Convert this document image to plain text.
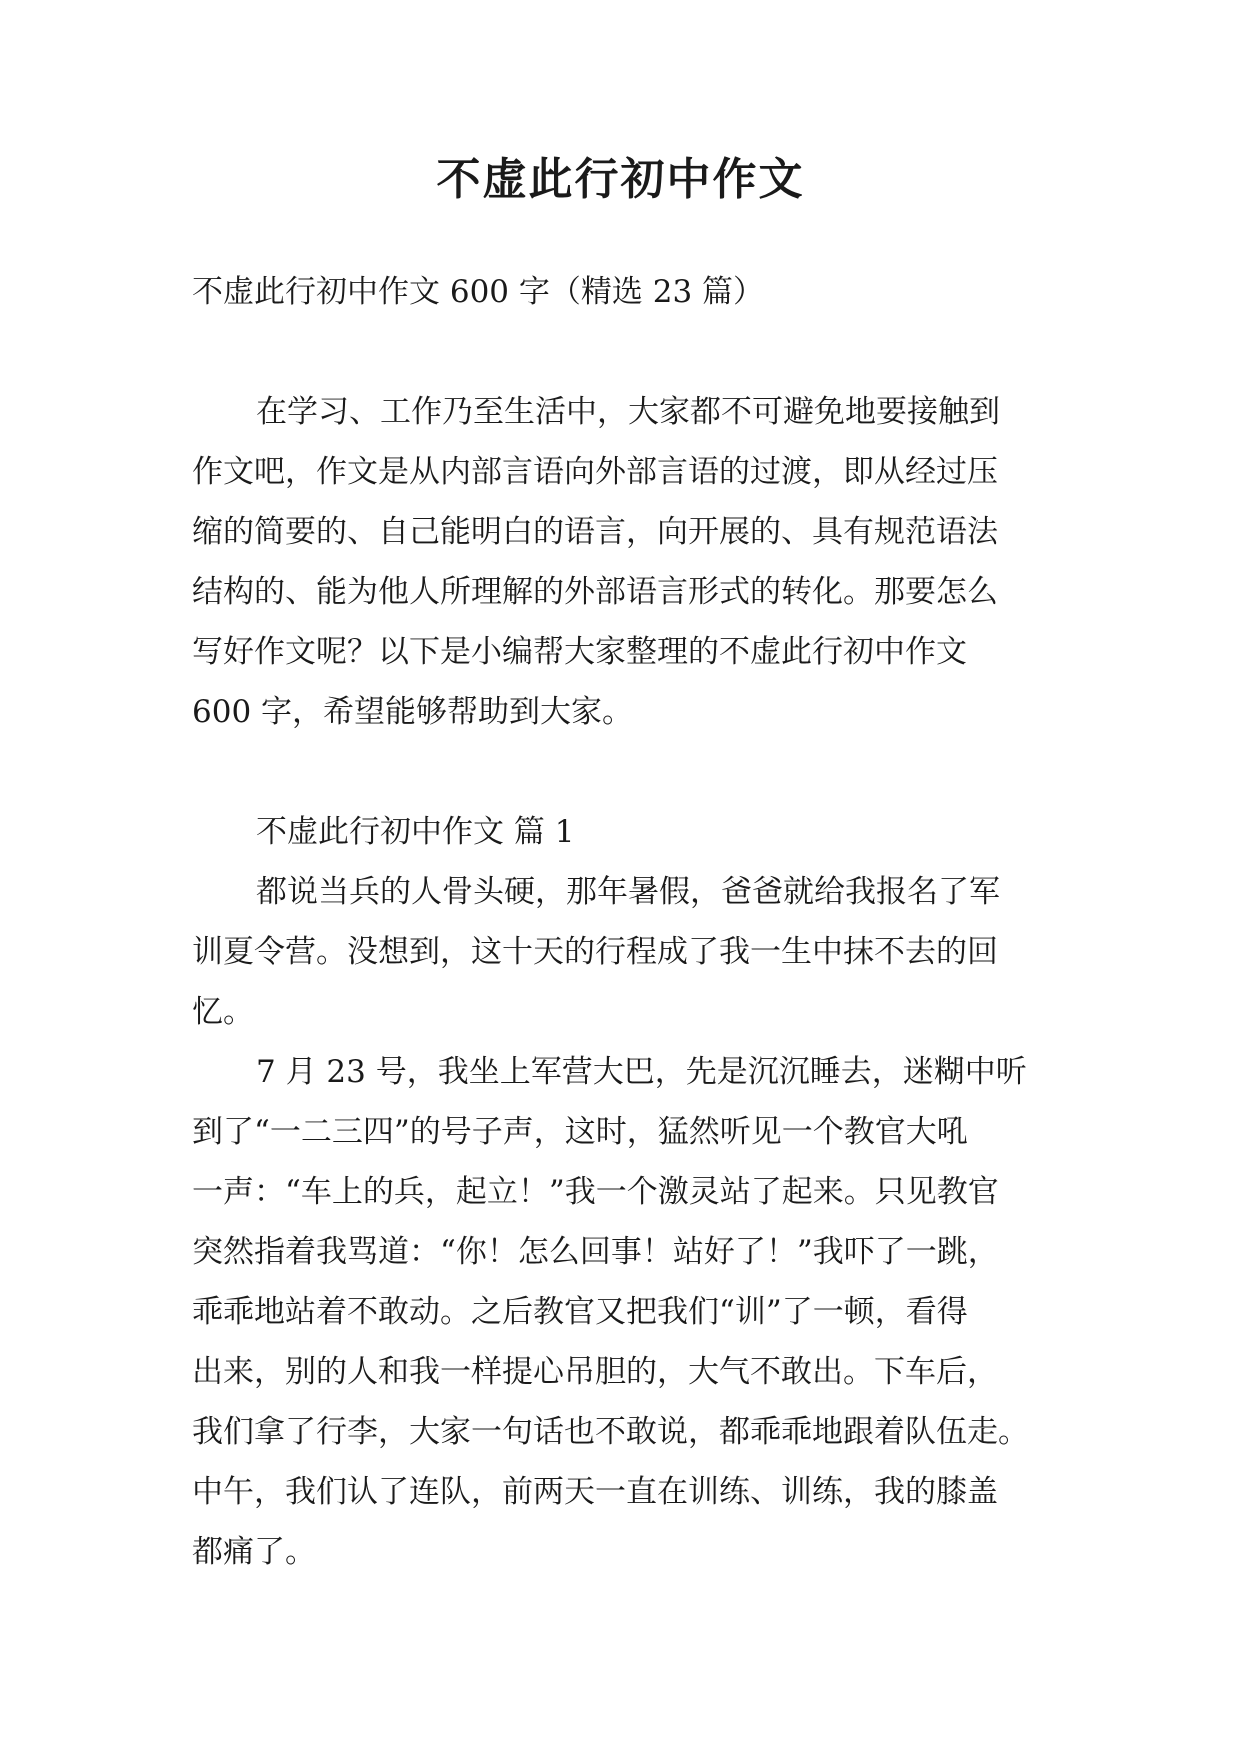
不虚此行初中作文

不虚此行初中作文 600 字（精选 23 篇）

在学习、工作乃至生活中，大家都不可避免地要接触到

作文吧，作文是从内部言语向外部言语的过渡，即从经过压

缩的简要的、自己能明白的语言，向开展的、具有规范语法

结构的、能为他人所理解的外部语言形式的转化。那要怎么

写好作文呢？以下是小编帮大家整理的不虚此行初中作文

600 字，希望能够帮助到大家。

不虚此行初中作文 篇 1

都说当兵的人骨头硬，那年暑假，爸爸就给我报名了军

训夏令营。没想到，这十天的行程成了我一生中抹不去的回

忆。

7 月 23 号，我坐上军营大巴，先是沉沉睡去，迷糊中听

到了“一二三四”的号子声，这时，猛然听见一个教官大吼

一声：“车上的兵，起立！”我一个激灵站了起来。只见教官

突然指着我骂道：“你！怎么回事！站好了！”我吓了一跳，

乖乖地站着不敢动。之后教官又把我们“训”了一顿，看得

出来，别的人和我一样提心吊胆的，大气不敢出。下车后，

我们拿了行李，大家一句话也不敢说，都乖乖地跟着队伍走。

中午，我们认了连队，前两天一直在训练、训练，我的膝盖

都痛了。
